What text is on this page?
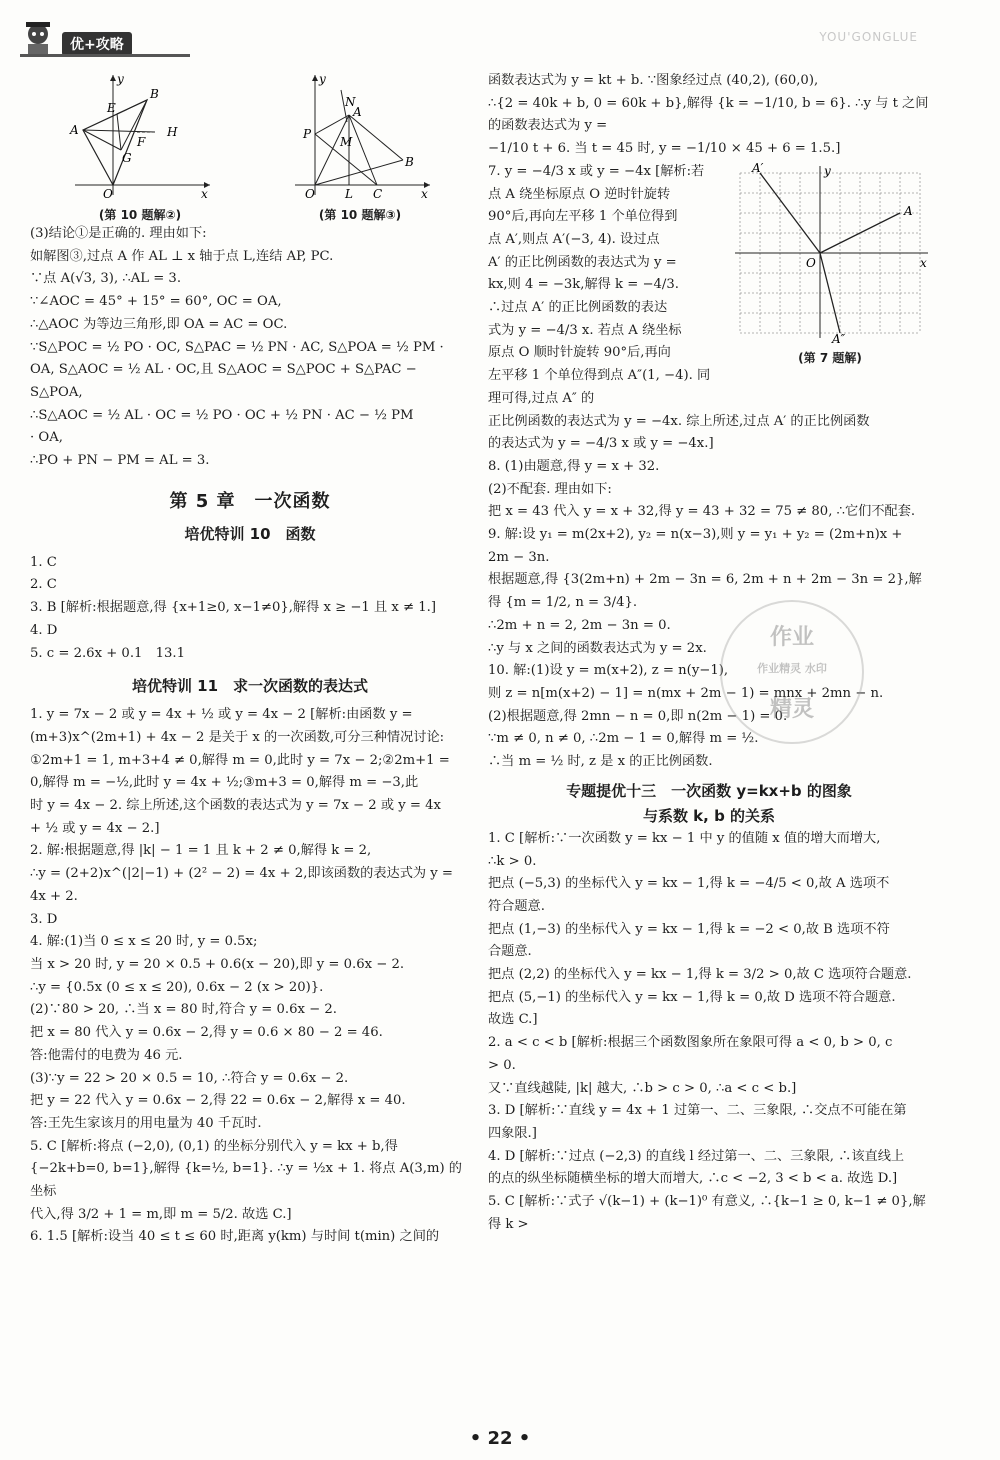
优+攻略	YOU'GONGLUE
y
B
E
A	H
F
G
O	x
(第 10 题解②)
y
N
P
A
M
B
O	L C	x
(第 10 题解③)

(3)结论①是正确的. 理由如下:

如解图③,过点 A 作 AL ⊥ x 轴于点 L,连结 AP, PC.

∵点 A(√3, 3), ∴AL = 3.

∵∠AOC = 45° + 15° = 60°, OC = OA,

∴△AOC 为等边三角形,即 OA = AC = OC.

∵S△POC = ½ PO · OC, S△PAC = ½ PN · AC, S△POA = ½ PM ·

OA, S△AOC = ½ AL · OC,且 S△AOC = S△POC + S△PAC − S△POA,

∴S△AOC = ½ AL · OC = ½ PO · OC + ½ PN · AC − ½ PM

· OA,

∴PO + PN − PM = AL = 3.

第 5 章　一次函数
培优特训 10　函数

1. C

2. C

3. B [解析:根据题意,得 {x+1≥0, x−1≠0},解得 x ≥ −1 且 x ≠ 1.]

4. D

5. c = 2.6x + 0.1　13.1

培优特训 11　求一次函数的表达式

1. y = 7x − 2 或 y = 4x + ½ 或 y = 4x − 2 [解析:由函数 y =

(m+3)x^(2m+1) + 4x − 2 是关于 x 的一次函数,可分三种情况讨论:

①2m+1 = 1, m+3+4 ≠ 0,解得 m = 0,此时 y = 7x − 2;②2m+1 =

0,解得 m = −½,此时 y = 4x + ½;③m+3 = 0,解得 m = −3,此

时 y = 4x − 2. 综上所述,这个函数的表达式为 y = 7x − 2 或 y = 4x

+ ½ 或 y = 4x − 2.]

2. 解:根据题意,得 |k| − 1 = 1 且 k + 2 ≠ 0,解得 k = 2,

∴y = (2+2)x^(|2|−1) + (2² − 2) = 4x + 2,即该函数的表达式为 y =

4x + 2.

3. D

4. 解:(1)当 0 ≤ x ≤ 20 时, y = 0.5x;

当 x > 20 时, y = 20 × 0.5 + 0.6(x − 20),即 y = 0.6x − 2.

∴y = {0.5x (0 ≤ x ≤ 20), 0.6x − 2 (x > 20)}.

(2)∵80 > 20, ∴当 x = 80 时,符合 y = 0.6x − 2.

把 x = 80 代入 y = 0.6x − 2,得 y = 0.6 × 80 − 2 = 46.

答:他需付的电费为 46 元.

(3)∵y = 22 > 20 × 0.5 = 10, ∴符合 y = 0.6x − 2.

把 y = 22 代入 y = 0.6x − 2,得 22 = 0.6x − 2,解得 x = 40.

答:王先生家该月的用电量为 40 千瓦时.

5. C [解析:将点 (−2,0), (0,1) 的坐标分别代入 y = kx + b,得

{−2k+b=0, b=1},解得 {k=½, b=1}. ∴y = ½x + 1. 将点 A(3,m) 的坐标

代入,得 3/2 + 1 = m,即 m = 5/2. 故选 C.]

6. 1.5 [解析:设当 40 ≤ t ≤ 60 时,距离 y(km) 与时间 t(min) 之间的

函数表达式为 y = kt + b. ∵图象经过点 (40,2), (60,0),

∴{2 = 40k + b, 0 = 60k + b},解得 {k = −1/10, b = 6}. ∴y 与 t 之间的函数表达式为 y =

−1/10 t + 6. 当 t = 45 时, y = −1/10 × 45 + 6 = 1.5.]

y
A′
A
O	x
A″
(第 7 题解)

7. y = −4/3 x 或 y = −4x [解析:若

点 A 绕坐标原点 O 逆时针旋转

90°后,再向左平移 1 个单位得到

点 A′,则点 A′(−3, 4). 设过点

A′ 的正比例函数的表达式为 y =

kx,则 4 = −3k,解得 k = −4/3.

∴过点 A′ 的正比例函数的表达

式为 y = −4/3 x. 若点 A 绕坐标

原点 O 顺时针旋转 90°后,再向

左平移 1 个单位得到点 A″(1, −4). 同理可得,过点 A″ 的

正比例函数的表达式为 y = −4x. 综上所述,过点 A′ 的正比例函数

的表达式为 y = −4/3 x 或 y = −4x.]

8. (1)由题意,得 y = x + 32.

(2)不配套. 理由如下:

把 x = 43 代入 y = x + 32,得 y = 43 + 32 = 75 ≠ 80, ∴它们不配套.

9. 解:设 y₁ = m(2x+2), y₂ = n(x−3),则 y = y₁ + y₂ = (2m+n)x +

2m − 3n.

根据题意,得 {3(2m+n) + 2m − 3n = 6, 2m + n + 2m − 3n = 2},解得 {m = 1/2, n = 3/4}.

∴2m + n = 2, 2m − 3n = 0.

∴y 与 x 之间的函数表达式为 y = 2x.

10. 解:(1)设 y = m(x+2), z = n(y−1),

则 z = n[m(x+2) − 1] = n(mx + 2m − 1) = mnx + 2mn − n.

(2)根据题意,得 2mn − n = 0,即 n(2m − 1) = 0.

∵m ≠ 0, n ≠ 0, ∴2m − 1 = 0,解得 m = ½.

∴当 m = ½ 时, z 是 x 的正比例函数.

专题提优十三　一次函数 y=kx+b 的图象
与系数 k, b 的关系

1. C [解析:∵一次函数 y = kx − 1 中 y 的值随 x 值的增大而增大,

∴k > 0.

把点 (−5,3) 的坐标代入 y = kx − 1,得 k = −4/5 < 0,故 A 选项不

符合题意.

把点 (1,−3) 的坐标代入 y = kx − 1,得 k = −2 < 0,故 B 选项不符

合题意.

把点 (2,2) 的坐标代入 y = kx − 1,得 k = 3/2 > 0,故 C 选项符合题意.

把点 (5,−1) 的坐标代入 y = kx − 1,得 k = 0,故 D 选项不符合题意.

故选 C.]

2. a < c < b [解析:根据三个函数图象所在象限可得 a < 0, b > 0, c

> 0.

又∵直线越陡, |k| 越大, ∴b > c > 0, ∴a < c < b.]

3. D [解析:∵直线 y = 4x + 1 过第一、二、三象限, ∴交点不可能在第

四象限.]

4. D [解析:∵过点 (−2,3) 的直线 l 经过第一、二、三象限, ∴该直线上

的点的纵坐标随横坐标的增大而增大, ∴c < −2, 3 < b < a. 故选 D.]

5. C [解析:∵式子 √(k−1) + (k−1)⁰ 有意义, ∴{k−1 ≥ 0, k−1 ≠ 0},解得 k >

作业
作业精灵 水印
精灵
• 22 •
